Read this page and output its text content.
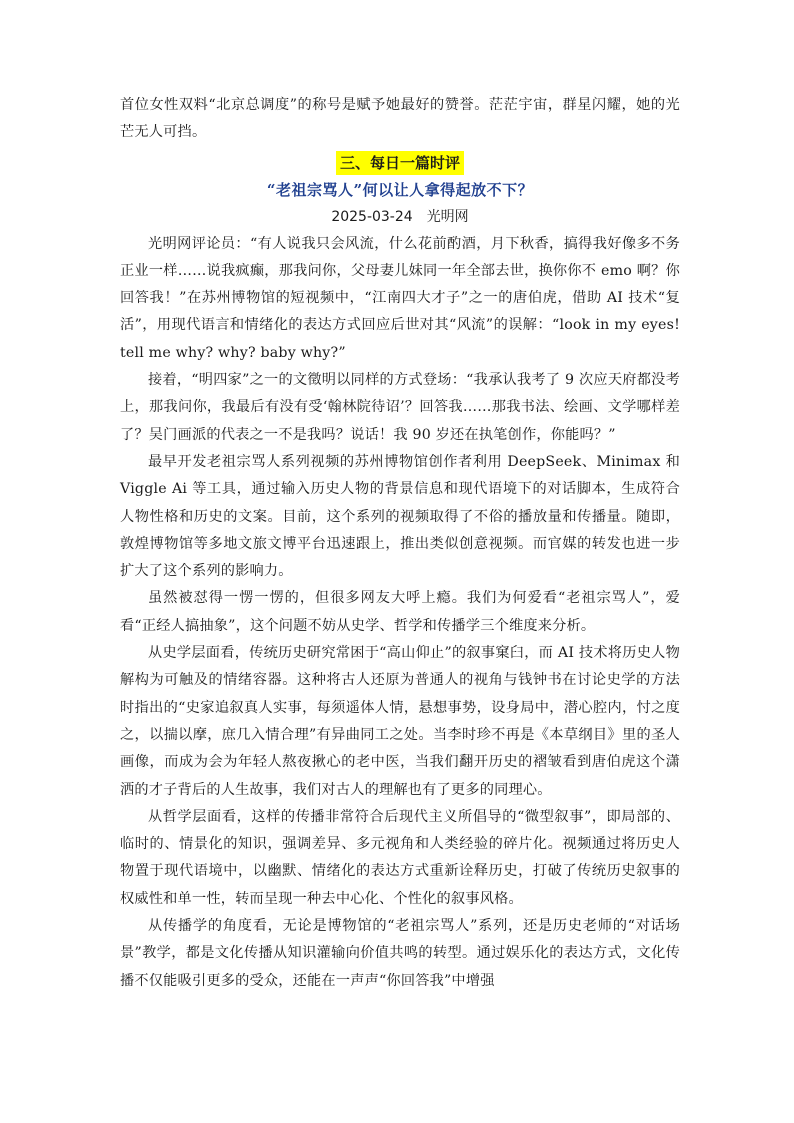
首位女性双料“北京总调度”的称号是赋予她最好的赞誉。茫茫宇宙，群星闪耀，她的光芒无人可挡。

三、每日一篇时评
“老祖宗骂人”何以让人拿得起放不下？
2025-03-24 光明网

光明网评论员：“有人说我只会风流，什么花前酌酒，月下秋香，搞得我好像多不务正业一样……说我疯癫，那我问你，父母妻儿妹同一年全部去世，换你你不 emo 啊？你回答我！”在苏州博物馆的短视频中，“江南四大才子”之一的唐伯虎，借助 AI 技术“复活”，用现代语言和情绪化的表达方式回应后世对其“风流”的误解：“look in my eyes! tell me why? why? baby why?”

接着，“明四家”之一的文徵明以同样的方式登场：“我承认我考了 9 次应天府都没考上，那我问你，我最后有没有受‘翰林院待诏’？回答我……那我书法、绘画、文学哪样差了？吴门画派的代表之一不是我吗？说话！我 90 岁还在执笔创作，你能吗？”

最早开发老祖宗骂人系列视频的苏州博物馆创作者利用 DeepSeek、Minimax 和 Viggle Ai 等工具，通过输入历史人物的背景信息和现代语境下的对话脚本，生成符合人物性格和历史的文案。目前，这个系列的视频取得了不俗的播放量和传播量。随即，敦煌博物馆等多地文旅文博平台迅速跟上，推出类似创意视频。而官媒的转发也进一步扩大了这个系列的影响力。

虽然被怼得一愣一愣的，但很多网友大呼上瘾。我们为何爱看“老祖宗骂人”，爱看“正经人搞抽象”，这个问题不妨从史学、哲学和传播学三个维度来分析。

从史学层面看，传统历史研究常困于“高山仰止”的叙事窠臼，而 AI 技术将历史人物解构为可触及的情绪容器。这种将古人还原为普通人的视角与钱钟书在讨论史学的方法时指出的“史家追叙真人实事，每须遥体人情，悬想事势，设身局中，潜心腔内，忖之度之，以揣以摩，庶几入情合理”有异曲同工之处。当李时珍不再是《本草纲目》里的圣人画像，而成为会为年轻人熬夜揪心的老中医，当我们翻开历史的褶皱看到唐伯虎这个潇洒的才子背后的人生故事，我们对古人的理解也有了更多的同理心。

从哲学层面看，这样的传播非常符合后现代主义所倡导的“微型叙事”，即局部的、临时的、情景化的知识，强调差异、多元视角和人类经验的碎片化。视频通过将历史人物置于现代语境中，以幽默、情绪化的表达方式重新诠释历史，打破了传统历史叙事的权威性和单一性，转而呈现一种去中心化、个性化的叙事风格。

从传播学的角度看，无论是博物馆的“老祖宗骂人”系列，还是历史老师的“对话场景”教学，都是文化传播从知识灌输向价值共鸣的转型。通过娱乐化的表达方式，文化传播不仅能吸引更多的受众，还能在一声声“你回答我”中增强
